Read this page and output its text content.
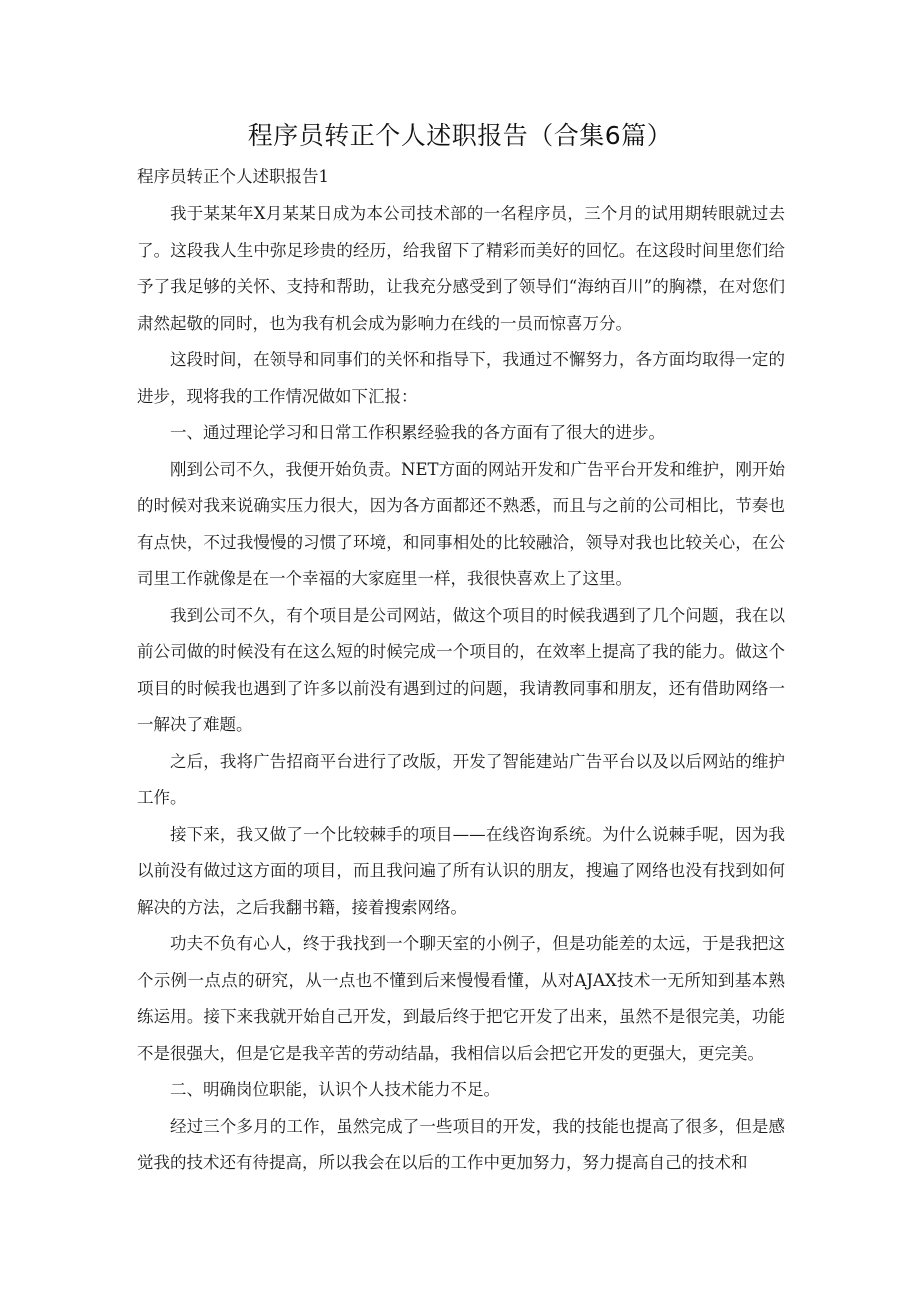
程序员转正个人述职报告（合集6篇）

程序员转正个人述职报告1

我于某某年X月某某日成为本公司技术部的一名程序员，三个月的试用期转眼就过去了。这段我人生中弥足珍贵的经历，给我留下了精彩而美好的回忆。在这段时间里您们给予了我足够的关怀、支持和帮助，让我充分感受到了领导们“海纳百川”的胸襟，在对您们肃然起敬的同时，也为我有机会成为影响力在线的一员而惊喜万分。

这段时间，在领导和同事们的关怀和指导下，我通过不懈努力，各方面均取得一定的进步，现将我的工作情况做如下汇报：

一、通过理论学习和日常工作积累经验我的各方面有了很大的进步。

刚到公司不久，我便开始负责。NET方面的网站开发和广告平台开发和维护，刚开始的时候对我来说确实压力很大，因为各方面都还不熟悉，而且与之前的公司相比，节奏也有点快，不过我慢慢的习惯了环境，和同事相处的比较融洽，领导对我也比较关心，在公司里工作就像是在一个幸福的大家庭里一样，我很快喜欢上了这里。

我到公司不久，有个项目是公司网站，做这个项目的时候我遇到了几个问题，我在以前公司做的时候没有在这么短的时候完成一个项目的，在效率上提高了我的能力。做这个项目的时候我也遇到了许多以前没有遇到过的问题，我请教同事和朋友，还有借助网络一一解决了难题。

之后，我将广告招商平台进行了改版，开发了智能建站广告平台以及以后网站的维护工作。

接下来，我又做了一个比较棘手的项目——在线咨询系统。为什么说棘手呢，因为我以前没有做过这方面的项目，而且我问遍了所有认识的朋友，搜遍了网络也没有找到如何解决的方法，之后我翻书籍，接着搜索网络。

功夫不负有心人，终于我找到一个聊天室的小例子，但是功能差的太远，于是我把这个示例一点点的研究，从一点也不懂到后来慢慢看懂，从对AJAX技术一无所知到基本熟练运用。接下来我就开始自己开发，到最后终于把它开发了出来，虽然不是很完美，功能不是很强大，但是它是我辛苦的劳动结晶，我相信以后会把它开发的更强大，更完美。

二、明确岗位职能，认识个人技术能力不足。

经过三个多月的工作，虽然完成了一些项目的开发，我的技能也提高了很多，但是感觉我的技术还有待提高，所以我会在以后的工作中更加努力，努力提高自己的技术和
